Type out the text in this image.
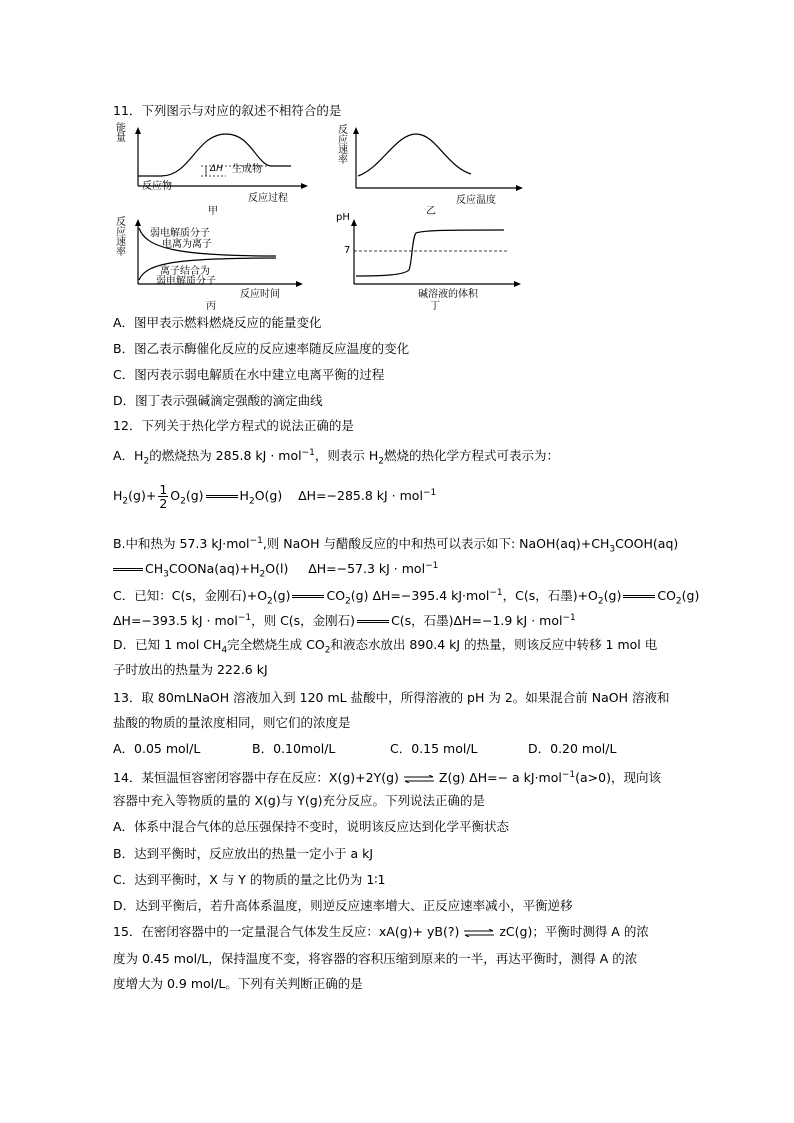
11．下列图示与对应的叙述不相符合的是
能量
ΔH 生成物
反应物
反应过程
甲
反应速率
反应温度
乙
反应速率
弱电解质分子
电离为离子
离子结合为
弱电解质分子
反应时间
丙
pH
7
碱溶液的体积
丁
A．图甲表示燃料燃烧反应的能量变化
B．图乙表示酶催化反应的反应速率随反应温度的变化
C．图丙表示弱电解质在水中建立电离平衡的过程
D．图丁表示强碱滴定强酸的滴定曲线
12．下列关于热化学方程式的说法正确的是
A．$H_2$的燃烧热为 285.8 kJ · mol$^{-1}$，则表示 $H_2$燃烧的热化学方程式可表示为：
$H_2(g)+ \frac{1}{2} O_2(g)$	$H_2O(g)$ ΔH=−285.8 kJ · mol$^{-1}$
B.中和热为 57.3 kJ·mol$^{-1}$,则 NaOH 与醋酸反应的中和热可以表示如下: $NaOH(aq)+CH_3COOH(aq)$
$CH_3COONa(aq)+H_2O(l)$ ΔH=−57.3 kJ · mol$^{-1}$
C．已知：C(s，金刚石)$+O_2(g)$	$CO_2(g)$ ΔH=−395.4 kJ·mol$^{-1}$，C(s，石墨)$+O_2(g)$	$CO_2(g)$
ΔH=−393.5 kJ · mol$^{-1}$，则 C(s，金刚石)	C(s，石墨)ΔH=−1.9 kJ · mol$^{-1}$
D．已知 1 mol $CH_4$完全燃烧生成 $CO_2$和液态水放出 890.4 kJ 的热量，则该反应中转移 1 mol 电
子时放出的热量为 222.6 kJ
13．取 80mLNaOH 溶液加入到 120 mL 盐酸中，所得溶液的 pH 为 2。如果混合前 NaOH 溶液和
盐酸的物质的量浓度相同，则它们的浓度是
A．0.05 mol/L	B．0.10mol/L	C．0.15 mol/L	D．0.20 mol/L
14．某恒温恒容密闭容器中存在反应：X(g)+2Y(g) ⇌ Z(g) ΔH=− a kJ·mol$^{-1}$(a>0)，现向该
容器中充入等物质的量的 X(g)与 Y(g)充分反应。下列说法正确的是
A．体系中混合气体的总压强保持不变时，说明该反应达到化学平衡状态
B．达到平衡时，反应放出的热量一定小于 a kJ
C．达到平衡时，X 与 Y 的物质的量之比仍为 1∶1
D．达到平衡后，若升高体系温度，则逆反应速率增大、正反应速率减小，平衡逆移
15．在密闭容器中的一定量混合气体发生反应：xA(g)+ yB(?) ⇌ zC(g)；平衡时测得 A 的浓
度为 0.45 mol/L，保持温度不变，将容器的容积压缩到原来的一半，再达平衡时，测得 A 的浓
度增大为 0.9 mol/L。下列有关判断正确的是
